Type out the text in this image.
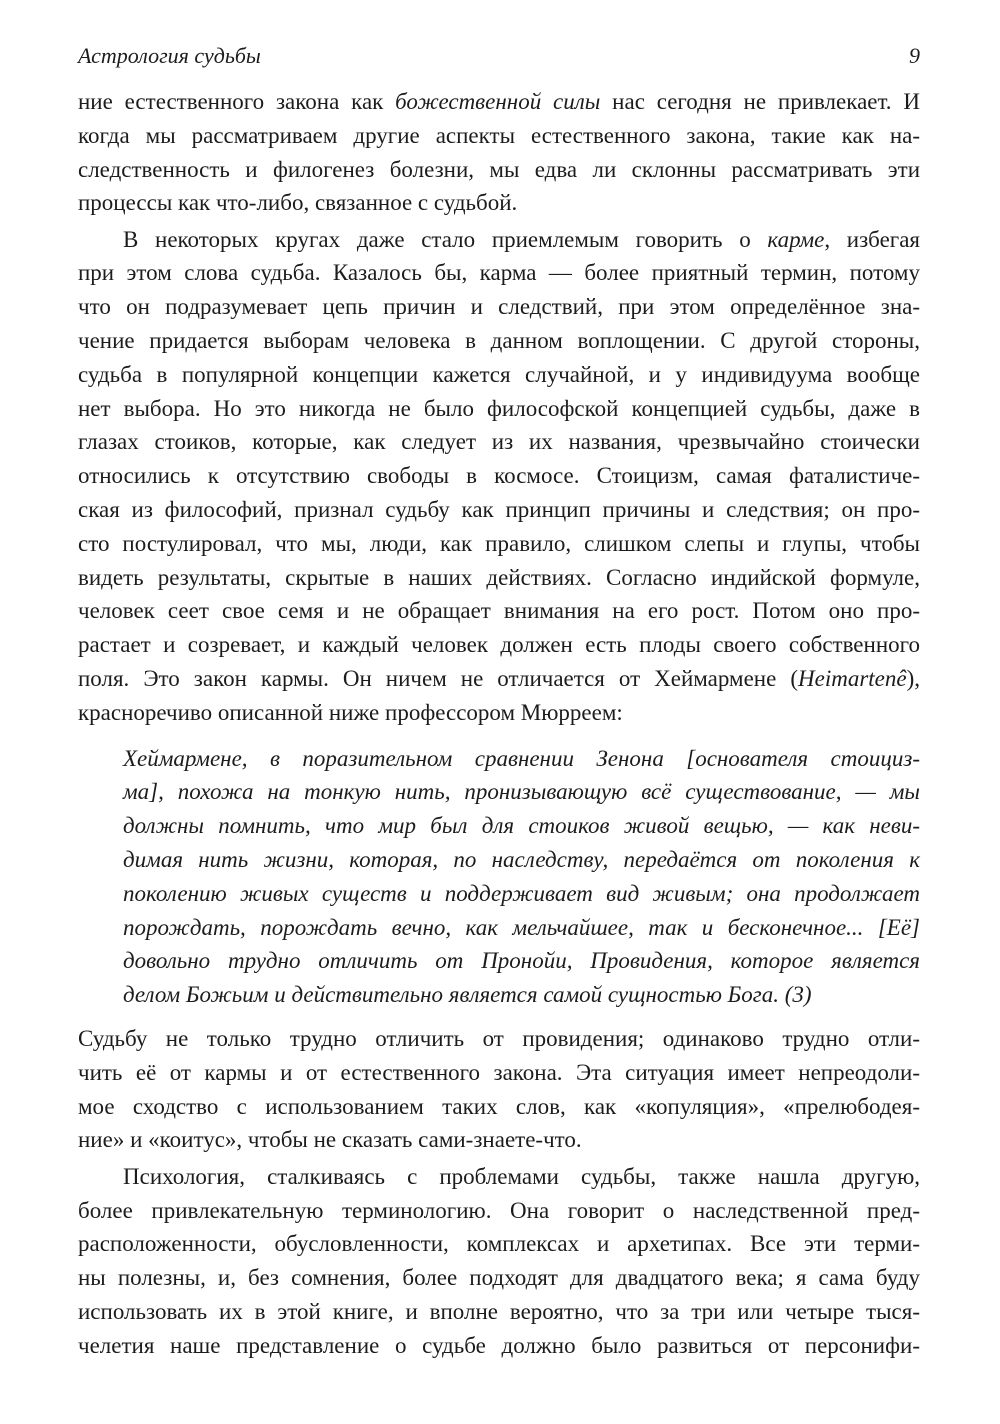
Астрология судьбы	9
ние естественного закона как божественной силы нас сегодня не привлекает. И
когда мы рассматриваем другие аспекты естественного закона, такие как на-
следственность и филогенез болезни, мы едва ли склонны рассматривать эти
процессы как что-либо, связанное с судьбой.
В некоторых кругах даже стало приемлемым говорить о карме, избегая
при этом слова судьба. Казалось бы, карма — более приятный термин, потому
что он подразумевает цепь причин и следствий, при этом определённое зна-
чение придается выборам человека в данном воплощении. С другой стороны,
судьба в популярной концепции кажется случайной, и у индивидуума вообще
нет выбора. Но это никогда не было философской концепцией судьбы, даже в
глазах стоиков, которые, как следует из их названия, чрезвычайно стоически
относились к отсутствию свободы в космосе. Стоицизм, самая фаталистиче-
ская из философий, признал судьбу как принцип причины и следствия; он про-
сто постулировал, что мы, люди, как правило, слишком слепы и глупы, чтобы
видеть результаты, скрытые в наших действиях. Согласно индийской формуле,
человек сеет свое семя и не обращает внимания на его рост. Потом оно про-
растает и созревает, и каждый человек должен есть плоды своего собственного
поля. Это закон кармы. Он ничем не отличается от Хеймармене (Heimartenê),
красноречиво описанной ниже профессором Мюрреем:
Хеймармене, в поразительном сравнении Зенона [основателя стоициз-
ма], похожа на тонкую нить, пронизывающую всё существование, — мы
должны помнить, что мир был для стоиков живой вещью, — как неви-
димая нить жизни, которая, по наследству, передаётся от поколения к
поколению живых существ и поддерживает вид живым; она продолжает
порождать, порождать вечно, как мельчайшее, так и бесконечное... [Её]
довольно трудно отличить от Пронойи, Провидения, которое является
делом Божьим и действительно является самой сущностью Бога. (3)
Судьбу не только трудно отличить от провидения; одинаково трудно отли-
чить её от кармы и от естественного закона. Эта ситуация имеет непреодоли-
мое сходство с использованием таких слов, как «копуляция», «прелюбодея-
ние» и «коитус», чтобы не сказать сами-знаете-что.
Психология, сталкиваясь с проблемами судьбы, также нашла другую,
более привлекательную терминологию. Она говорит о наследственной пред-
расположенности, обусловленности, комплексах и архетипах. Все эти терми-
ны полезны, и, без сомнения, более подходят для двадцатого века; я сама буду
использовать их в этой книге, и вполне вероятно, что за три или четыре тыся-
челетия наше представление о судьбе должно было развиться от персонифи-
